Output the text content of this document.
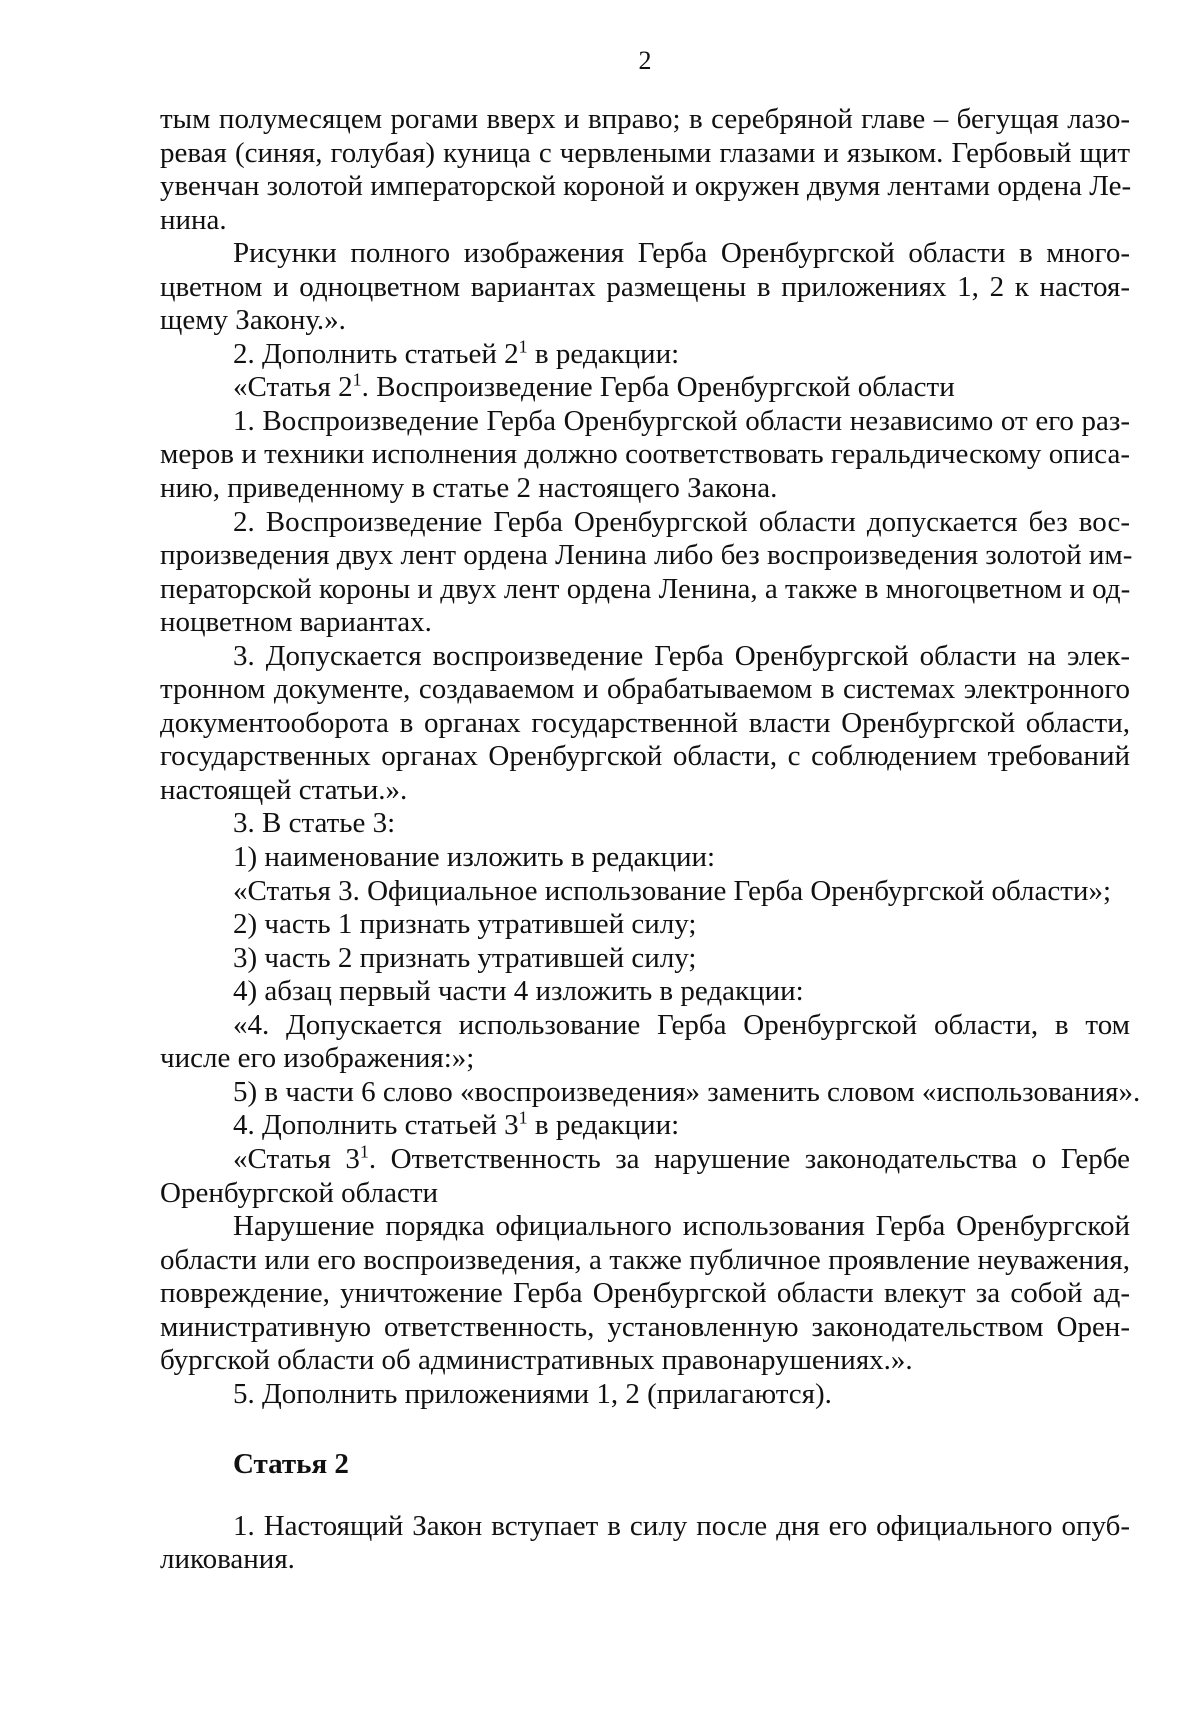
2
тым полумесяцем рогами вверх и вправо; в серебряной главе – бегущая лазо-
ревая (синяя, голубая) куница с червлеными глазами и языком. Гербовый щит
увенчан золотой императорской короной и окружен двумя лентами ордена Ле-
нина.
Рисунки полного изображения Герба Оренбургской области в много-
цветном и одноцветном вариантах размещены в приложениях 1, 2 к настоя-
щему Закону.».
2. Дополнить статьей $2^1$ в редакции:
«Статья $2^1$. Воспроизведение Герба Оренбургской области
1. Воспроизведение Герба Оренбургской области независимо от его раз-
меров и техники исполнения должно соответствовать геральдическому описа-
нию, приведенному в статье 2 настоящего Закона.
2. Воспроизведение Герба Оренбургской области допускается без вос-
произведения двух лент ордена Ленина либо без воспроизведения золотой им-
ператорской короны и двух лент ордена Ленина, а также в многоцветном и од-
ноцветном вариантах.
3. Допускается воспроизведение Герба Оренбургской области на элек-
тронном документе, создаваемом и обрабатываемом в системах электронного
документооборота в органах государственной власти Оренбургской области,
государственных органах Оренбургской области, с соблюдением требований
настоящей статьи.».
3. В статье 3:
1) наименование изложить в редакции:
«Статья 3. Официальное использование Герба Оренбургской области»;
2) часть 1 признать утратившей силу;
3) часть 2 признать утратившей силу;
4) абзац первый части 4 изложить в редакции:
«4. Допускается использование Герба Оренбургской области, в том
числе его изображения:»;
5) в части 6 слово «воспроизведения» заменить словом «использования».
4. Дополнить статьей $3^1$ в редакции:
«Статья $3^1$. Ответственность за нарушение законодательства о Гербе
Оренбургской области
Нарушение порядка официального использования Герба Оренбургской
области или его воспроизведения, а также публичное проявление неуважения,
повреждение, уничтожение Герба Оренбургской области влекут за собой ад-
министративную ответственность, установленную законодательством Орен-
бургской области об административных правонарушениях.».
5. Дополнить приложениями 1, 2 (прилагаются).
Статья 2
1. Настоящий Закон вступает в силу после дня его официального опуб-
ликования.
